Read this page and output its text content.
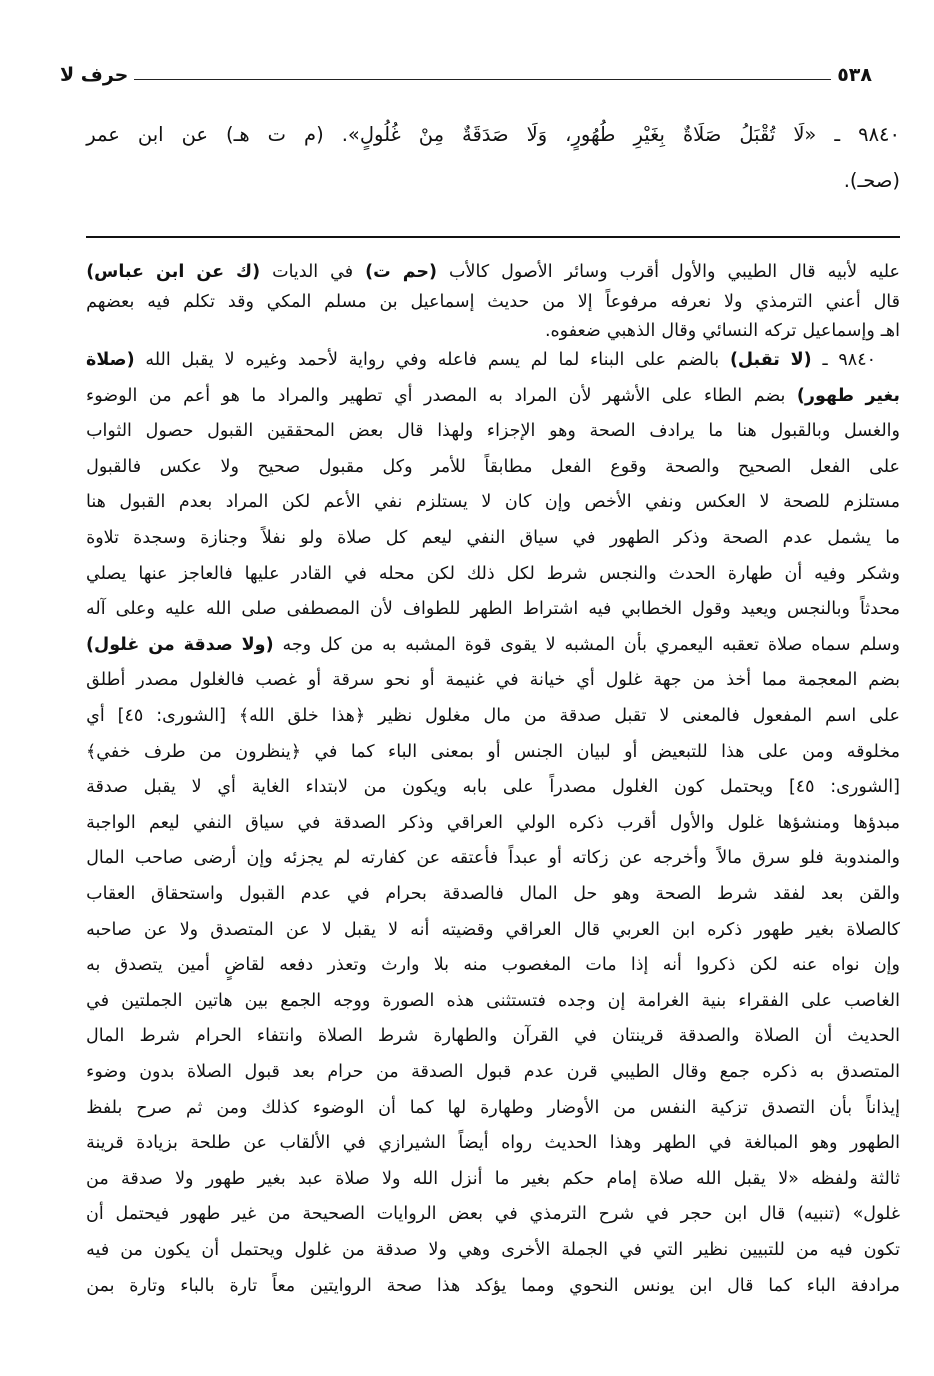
٥٣٨
حرف لا
٩٨٤٠
ـ
«لَا
تُقْبَلُ
صَلَاةٌ
بِغَيْرِ
طُهُورٍ،
وَلَا
صَدَقَةٌ
مِنْ
غُلُولٍ».
(م
ت
هـ)
عن
ابن
عمر
(صحـ).
عليه
لأبيه
قال
الطيبي
والأول
أقرب
وسائر
الأصول
كالأب
(حم
ت)
في
الديات
(ك
عن
ابن
عباس)
قال
أعني
الترمذي
ولا
نعرفه
مرفوعاً
إلا
من
حديث
إسماعيل
بن
مسلم
المكي
وقد
تكلم
فيه
بعضهم
اهـ
وإسماعيل
تركه
النسائي
وقال
الذهبي
ضعفوه.
٩٨٤٠
ـ
(لا
تقبل)
بالضم
على
البناء
لما
لم
يسم
فاعله
وفي
رواية
لأحمد
وغيره
لا
يقبل
الله
(صلاة
بغير
طهور)
بضم
الطاء
على
الأشهر
لأن
المراد
به
المصدر
أي
تطهير
والمراد
ما
هو
أعم
من
الوضوء
والغسل
وبالقبول
هنا
ما
يرادف
الصحة
وهو
الإجزاء
ولهذا
قال
بعض
المحققين
القبول
حصول
الثواب
على
الفعل
الصحيح
والصحة
وقوع
الفعل
مطابقاً
للأمر
وكل
مقبول
صحيح
ولا
عكس
فالقبول
مستلزم
للصحة
لا
العكس
ونفي
الأخص
وإن
كان
لا
يستلزم
نفي
الأعم
لكن
المراد
بعدم
القبول
هنا
ما
يشمل
عدم
الصحة
وذكر
الطهور
في
سياق
النفي
ليعم
كل
صلاة
ولو
نفلاً
وجنازة
وسجدة
تلاوة
وشكر
وفيه
أن
طهارة
الحدث
والنجس
شرط
لكل
ذلك
لكن
محله
في
القادر
عليها
فالعاجز
عنها
يصلي
محدثاً
وبالنجس
ويعيد
وقول
الخطابي
فيه
اشتراط
الطهر
للطواف
لأن
المصطفى
صلى
الله
عليه
وعلى
آله
وسلم
سماه
صلاة
تعقبه
اليعمري
بأن
المشبه
لا
يقوى
قوة
المشبه
به
من
كل
وجه
(ولا
صدقة
من
غلول)
بضم
المعجمة
مما
أخذ
من
جهة
غلول
أي
خيانة
في
غنيمة
أو
نحو
سرقة
أو
غصب
فالغلول
مصدر
أطلق
على
اسم
المفعول
فالمعنى
لا
تقبل
صدقة
من
مال
مغلول
نظير
﴿هذا
خلق
الله﴾
[الشورى:
٤٥]
أي
مخلوقه
ومن
على
هذا
للتبعيض
أو
لبيان
الجنس
أو
بمعنى
الباء
كما
في
﴿ينظرون
من
طرف
خفي﴾
[الشورى:
٤٥]
ويحتمل
كون
الغلول
مصدراً
على
بابه
ويكون
من
لابتداء
الغاية
أي
لا
يقبل
صدقة
مبدؤها
ومنشؤها
غلول
والأول
أقرب
ذكره
الولي
العراقي
وذكر
الصدقة
في
سياق
النفي
ليعم
الواجبة
والمندوبة
فلو
سرق
مالاً
وأخرجه
عن
زكاته
أو
عبداً
فأعتقه
عن
كفارته
لم
يجزئه
وإن
أرضى
صاحب
المال
والقن
بعد
لفقد
شرط
الصحة
وهو
حل
المال
فالصدقة
بحرام
في
عدم
القبول
واستحقاق
العقاب
كالصلاة
بغير
طهور
ذكره
ابن
العربي
قال
العراقي
وقضيته
أنه
لا
يقبل
لا
عن
المتصدق
ولا
عن
صاحبه
وإن
نواه
عنه
لكن
ذكروا
أنه
إذا
مات
المغصوب
منه
بلا
وارث
وتعذر
دفعه
لقاضٍ
أمين
يتصدق
به
الغاصب
على
الفقراء
بنية
الغرامة
إن
وجده
فتستثنى
هذه
الصورة
ووجه
الجمع
بين
هاتين
الجملتين
في
الحديث
أن
الصلاة
والصدقة
قرينتان
في
القرآن
والطهارة
شرط
الصلاة
وانتفاء
الحرام
شرط
المال
المتصدق
به
ذكره
جمع
وقال
الطيبي
قرن
عدم
قبول
الصدقة
من
حرام
بعد
قبول
الصلاة
بدون
وضوء
إيذاناً
بأن
التصدق
تزكية
النفس
من
الأوضار
وطهارة
لها
كما
أن
الوضوء
كذلك
ومن
ثم
صرح
بلفظ
الطهور
وهو
المبالغة
في
الطهر
وهذا
الحديث
رواه
أيضاً
الشيرازي
في
الألقاب
عن
طلحة
بزيادة
قرينة
ثالثة
ولفظه
«لا
يقبل
الله
صلاة
إمام
حكم
بغير
ما
أنزل
الله
ولا
صلاة
عبد
بغير
طهور
ولا
صدقة
من
غلول»
(تنبيه)
قال
ابن
حجر
في
شرح
الترمذي
في
بعض
الروايات
الصحيحة
من
غير
طهور
فيحتمل
أن
تكون
فيه
من
للتبيين
نظير
التي
في
الجملة
الأخرى
وهي
ولا
صدقة
من
غلول
ويحتمل
أن
يكون
من
فيه
مرادفة
الباء
كما
قال
ابن
يونس
النحوي
ومما
يؤكد
هذا
صحة
الروايتين
معاً
تارة
بالباء
وتارة
بمن
